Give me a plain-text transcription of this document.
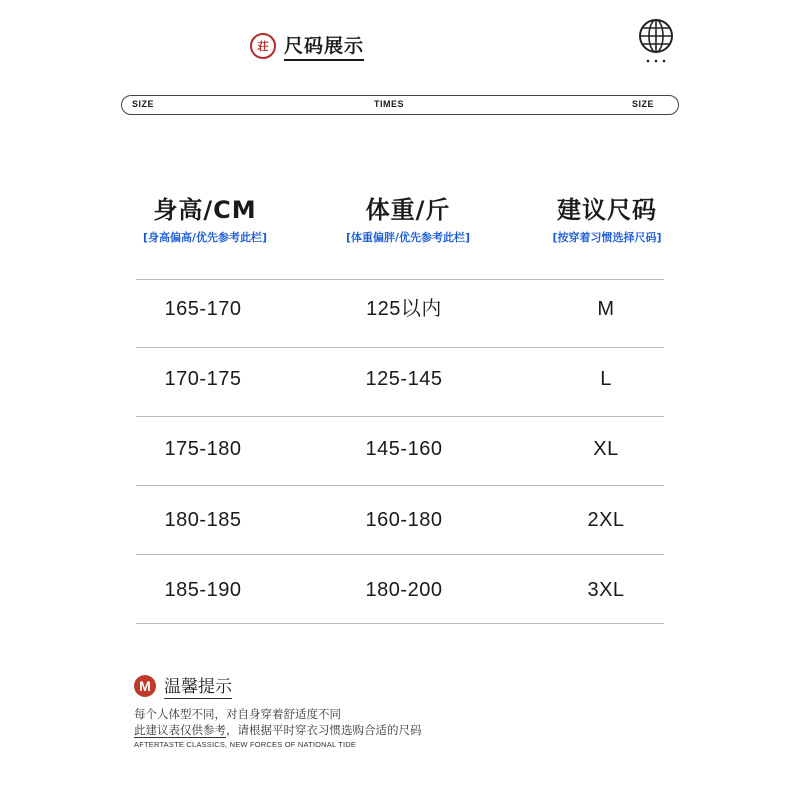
荘 尺码展示
SIZE	TIMES	SIZE
身高/CM
[身高偏高/优先参考此栏]
体重/斤
[体重偏胖/优先参考此栏]
建议尺码
[按穿着习惯选择尺码]
165-170	125以内	M
170-175	125-145	L
175-180	145-160	XL
180-185	160-180	2XL
185-190	180-200	3XL
M 温馨提示
每个人体型不同，对自身穿着舒适度不同
此建议表仅供参考，请根据平时穿衣习惯选购合适的尺码
AFTERTASTE CLASSICS, NEW FORCES OF NATIONAL TIDE
